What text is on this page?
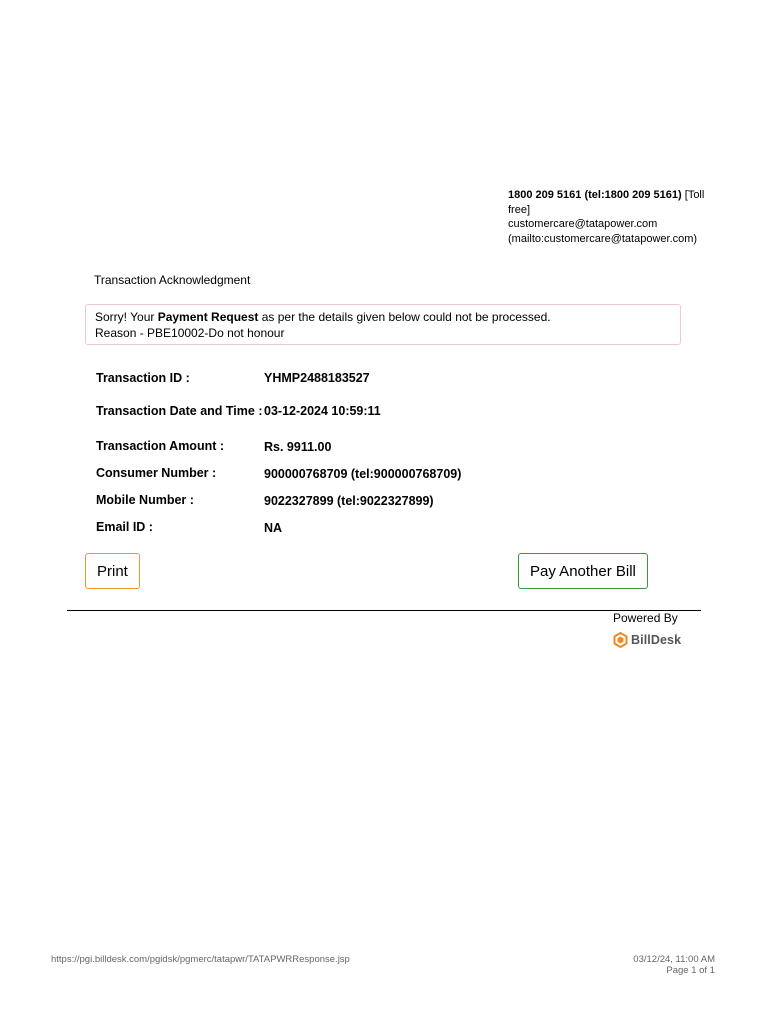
1800 209 5161 (tel:1800 209 5161) [Toll free]
customercare@tatapower.com
(mailto:customercare@tatapower.com)
Transaction Acknowledgment
Sorry! Your Payment Request as per the details given below could not be processed.
Reason - PBE10002-Do not honour
Transaction ID :	YHMP2488183527
Transaction Date and Time : 03-12-2024 10:59:11
Transaction Amount :	Rs. 9911.00
Consumer Number :	900000768709 (tel:900000768709)
Mobile Number :	9022327899 (tel:9022327899)
Email ID :	NA
Print	Pay Another Bill
Powered By
BillDesk
https://pgi.billdesk.com/pgidsk/pgmerc/tatapwr/TATAPWRResponse.jsp	03/12/24, 11:00 AM
Page 1 of 1
